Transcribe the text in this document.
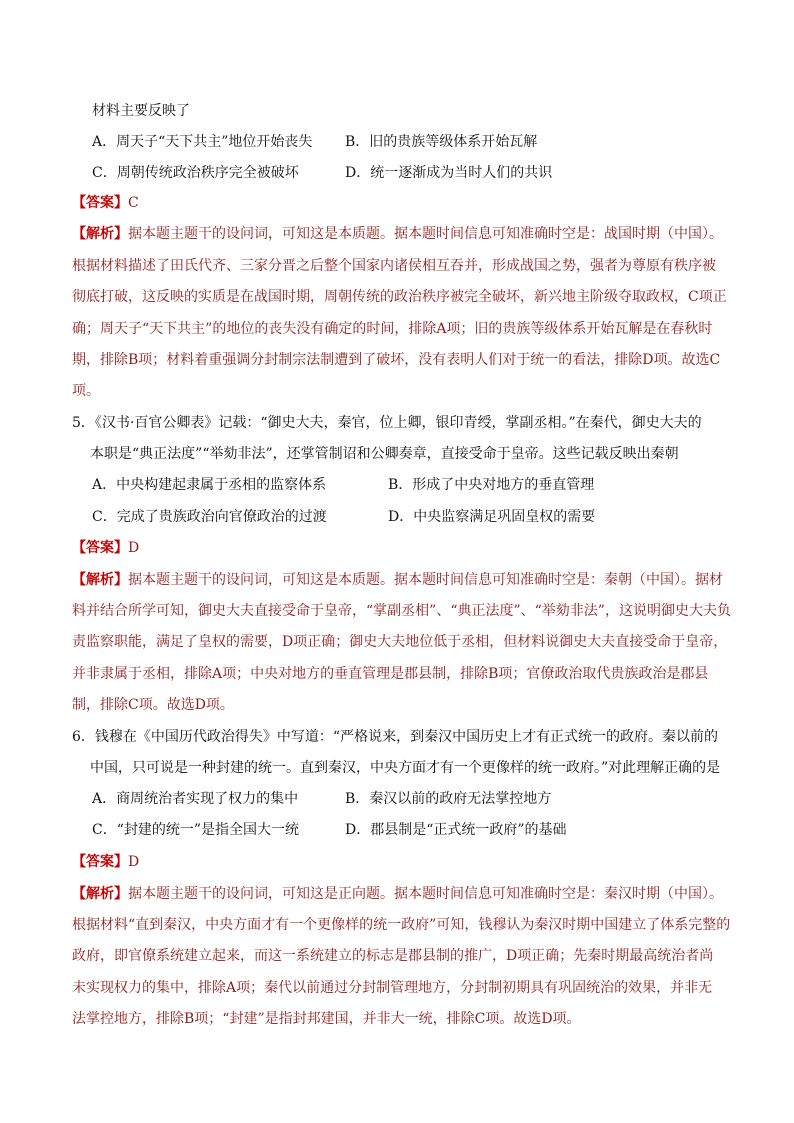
材料主要反映了
A．周天子“天下共主”地位开始丧失 B．旧的贵族等级体系开始瓦解
C．周朝传统政治秩序完全被破坏	D．统一逐渐成为当时人们的共识
【答案】C
【解析】据本题主题干的设问词，可知这是本质题。据本题时间信息可知准确时空是：战国时期（中国）。
根据材料描述了田氏代齐、三家分晋之后整个国家内诸侯相互吞并，形成战国之势，强者为尊原有秩序被
彻底打破，这反映的实质是在战国时期，周朝传统的政治秩序被完全破坏，新兴地主阶级夺取政权，C项正
确；周天子“天下共主”的地位的丧失没有确定的时间，排除A项；旧的贵族等级体系开始瓦解是在春秋时
期，排除B项；材料着重强调分封制宗法制遭到了破坏，没有表明人们对于统一的看法，排除D项。故选C
项。
5．《汉书·百官公卿表》记载：“御史大夫，秦官，位上卿，银印青绶，掌副丞相。”在秦代，御史大夫的
本职是“典正法度”“举劾非法”，还掌管制诏和公卿奏章，直接受命于皇帝。这些记载反映出秦朝
A．中央构建起隶属于丞相的监察体系	B．形成了中央对地方的垂直管理
C．完成了贵族政治向官僚政治的过渡	D．中央监察满足巩固皇权的需要
【答案】D
【解析】据本题主题干的设问词，可知这是本质题。据本题时间信息可知准确时空是：秦朝（中国）。据材
料并结合所学可知，御史大夫直接受命于皇帝，“掌副丞相”、“典正法度”、“举劾非法”，这说明御史大夫负
责监察职能，满足了皇权的需要，D项正确；御史大夫地位低于丞相，但材料说御史大夫直接受命于皇帝，
并非隶属于丞相，排除A项；中央对地方的垂直管理是郡县制，排除B项；官僚政治取代贵族政治是郡县
制，排除C项。故选D项。
6．钱穆在《中国历代政治得失》中写道：“严格说来，到秦汉中国历史上才有正式统一的政府。秦以前的
中国，只可说是一种封建的统一。直到秦汉，中央方面才有一个更像样的统一政府。”对此理解正确的是
A．商周统治者实现了权力的集中	B．秦汉以前的政府无法掌控地方
C．“封建的统一”是指全国大一统	D．郡县制是“正式统一政府”的基础
【答案】D
【解析】据本题主题干的设问词，可知这是正向题。据本题时间信息可知准确时空是：秦汉时期（中国）。
根据材料“直到秦汉，中央方面才有一个更像样的统一政府”可知，钱穆认为秦汉时期中国建立了体系完整的
政府，即官僚系统建立起来，而这一系统建立的标志是郡县制的推广，D项正确；先秦时期最高统治者尚
未实现权力的集中，排除A项；秦代以前通过分封制管理地方，分封制初期具有巩固统治的效果，并非无
法掌控地方，排除B项；“封建”是指封邦建国，并非大一统，排除C项。故选D项。
